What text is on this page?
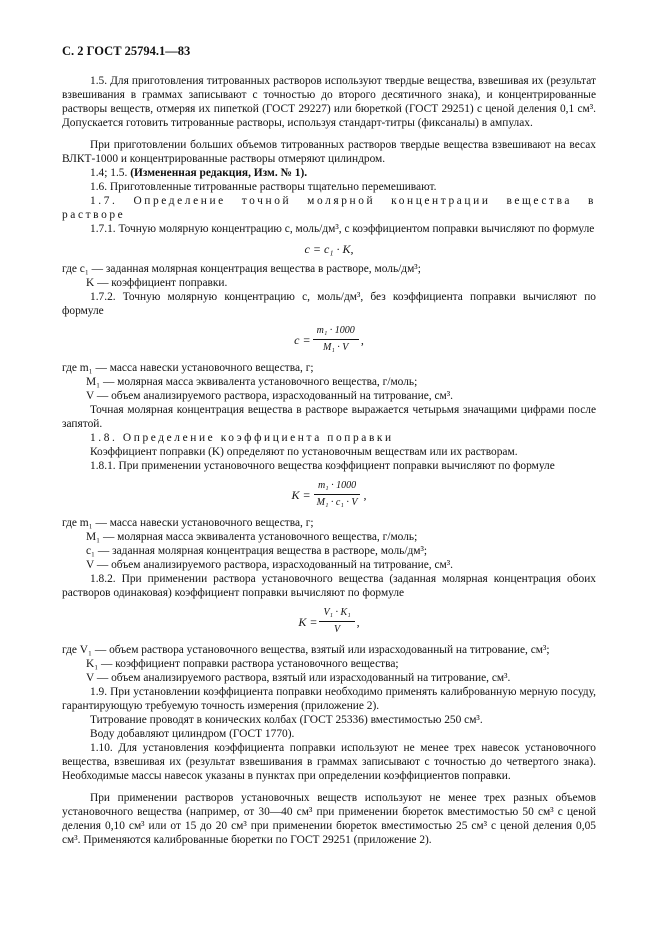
С. 2 ГОСТ 25794.1—83

1.5. Для приготовления титрованных растворов используют твердые вещества, взвешивая их (результат взвешивания в граммах записывают с точностью до второго десятичного знака), и концентрированные растворы веществ, отмеряя их пипеткой (ГОСТ 29227) или бюреткой (ГОСТ 29251) с ценой деления 0,1 см³. Допускается готовить титрованные растворы, используя стандарт-титры (фиксаналы) в ампулах.

При приготовлении больших объемов титрованных растворов твердые вещества взвешивают на весах ВЛКТ-1000 и концентрированные растворы отмеряют цилиндром.

1.4; 1.5. (Измененная редакция, Изм. № 1).

1.6. Приготовленные титрованные растворы тщательно перемешивают.

1.7. Определение точной молярной концентрации вещества в растворе

1.7.1. Точную молярную концентрацию c, моль/дм³, с коэффициентом поправки вычисляют по формуле

c = c₁ · K,

где c₁ — заданная молярная концентрация вещества в растворе, моль/дм³;

K — коэффициент поправки.

1.7.2. Точную молярную концентрацию c, моль/дм³, без коэффициента поправки вычисляют по формуле

$c = \frac{\text{m₁ · 1000}}{\text{M₁ · V}}$ ,

где m₁ — масса навески установочного вещества, г;

M₁ — молярная масса эквивалента установочного вещества, г/моль;

V — объем анализируемого раствора, израсходованный на титрование, см³.

Точная молярная концентрация вещества в растворе выражается четырьмя значащими цифрами после запятой.

1.8. Определение коэффициента поправки

Коэффициент поправки (K) определяют по установочным веществам или их растворам.

1.8.1. При применении установочного вещества коэффициент поправки вычисляют по формуле

$K = \frac{\text{m₁ · 1000}}{\text{M₁ · c₁ · V}}$ ,

где m₁ — масса навески установочного вещества, г;

M₁ — молярная масса эквивалента установочного вещества, г/моль;

c₁ — заданная молярная концентрация вещества в растворе, моль/дм³;

V — объем анализируемого раствора, израсходованный на титрование, см³.

1.8.2. При применении раствора установочного вещества (заданная молярная концентрация обоих растворов одинаковая) коэффициент поправки вычисляют по формуле

$K = \frac{\text{V₁ · K₁}}{V}$ ,

где V₁ — объем раствора установочного вещества, взятый или израсходованный на титрование, см³;

K₁ — коэффициент поправки раствора установочного вещества;

V — объем анализируемого раствора, взятый или израсходованный на титрование, см³.

1.9. При установлении коэффициента поправки необходимо применять калиброванную мерную посуду, гарантирующую требуемую точность измерения (приложение 2).

Титрование проводят в конических колбах (ГОСТ 25336) вместимостью 250 см³.

Воду добавляют цилиндром (ГОСТ 1770).

1.10. Для установления коэффициента поправки используют не менее трех навесок установочного вещества, взвешивая их (результат взвешивания в граммах записывают с точностью до четвертого знака). Необходимые массы навесок указаны в пунктах при определении коэффициентов поправки.

При применении растворов установочных веществ используют не менее трех разных объемов установочного вещества (например, от 30—40 см³ при применении бюреток вместимостью 50 см³ с ценой деления 0,10 см³ или от 15 до 20 см³ при применении бюреток вместимостью 25 см³ с ценой деления 0,05 см³. Применяются калиброванные бюретки по ГОСТ 29251 (приложение 2).
